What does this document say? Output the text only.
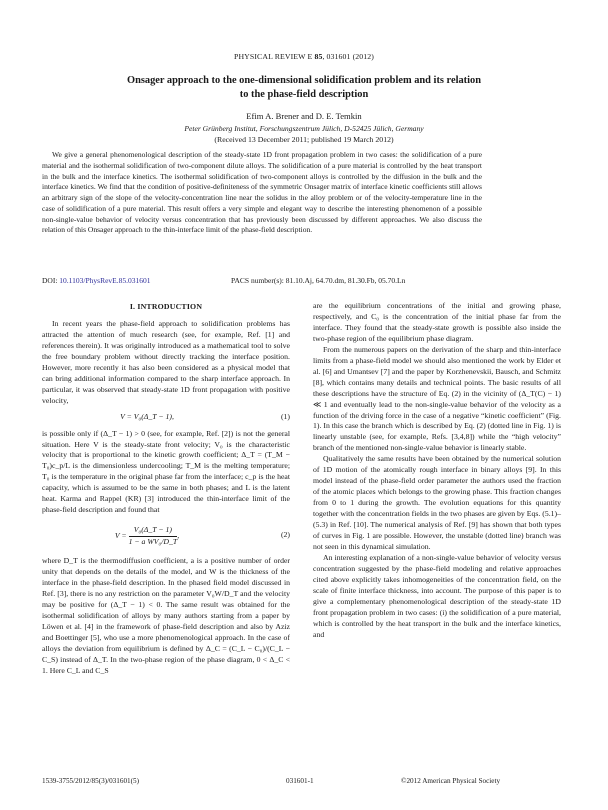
PHYSICAL REVIEW E 85, 031601 (2012)
Onsager approach to the one-dimensional solidification problem and its relation
to the phase-field description
Efim A. Brener and D. E. Temkin
Peter Grünberg Institut, Forschungszentrum Jülich, D-52425 Jülich, Germany
(Received 13 December 2011; published 19 March 2012)
We give a general phenomenological description of the steady-state 1D front propagation problem in two cases: the solidification of a pure material and the isothermal solidification of two-component dilute alloys. The solidification of a pure material is controlled by the heat transport in the bulk and the interface kinetics. The isothermal solidification of two-component alloys is controlled by the diffusion in the bulk and the interface kinetics. We find that the condition of positive-definiteness of the symmetric Onsager matrix of interface kinetic coefficients still allows an arbitrary sign of the slope of the velocity-concentration line near the solidus in the alloy problem or of the velocity-temperature line in the case of solidification of a pure material. This result offers a very simple and elegant way to describe the interesting phenomenon of a possible non-single-value behavior of velocity versus concentration that has previously been discussed by different approaches. We also discuss the relation of this Onsager approach to the thin-interface limit of the phase-field description.
DOI: 10.1103/PhysRevE.85.031601	PACS number(s): 81.10.Aj, 64.70.dm, 81.30.Fb, 05.70.Ln
I. INTRODUCTION

In recent years the phase-field approach to solidification problems has attracted the attention of much research (see, for example, Ref. [1] and references therein). It was originally introduced as a mathematical tool to solve the free boundary problem without directly tracking the interface position. However, more recently it has also been considered as a physical model that can bring additional information compared to the sharp interface approach. In particular, it was observed that steady-state 1D front propagation with positive velocity,

V = V₀(Δ_T − 1),	(1)

is possible only if (Δ_T − 1) > 0 (see, for example, Ref. [2]) is not the general situation. Here V is the steady-state front velocity; V₀ is the characteristic velocity that is proportional to the kinetic growth coefficient; Δ_T = (T_M − T₀)c_p/L is the dimensionless undercooling; T_M is the melting temperature; T₀ is the temperature in the original phase far from the interface; c_p is the heat capacity, which is assumed to be the same in both phases; and L is the latent heat. Karma and Rappel (KR) [3] introduced the thin-interface limit of the phase-field description and found that

$V = \frac{\text{V₀(Δ\_T − 1)}}{\text{1 − a WV₀/D\_T}}$ ,	(2)

where D_T is the thermodiffusion coefficient, a is a positive number of order unity that depends on the details of the model, and W is the thickness of the interface in the phase-field description. In the phased field model discussed in Ref. [3], there is no any restriction on the parameter V₀W/D_T and the velocity may be positive for (Δ_T − 1) < 0. The same result was obtained for the isothermal solidification of alloys by many authors starting from a paper by Löwen et al. [4] in the framework of phase-field description and also by Aziz and Boettinger [5], who use a more phenomenological approach. In the case of alloys the deviation from equilibrium is defined by Δ_C = (C_L − C₀)/(C_L − C_S) instead of Δ_T. In the two-phase region of the phase diagram, 0 < Δ_C < 1. Here C_L and C_S

are the equilibrium concentrations of the initial and growing phase, respectively, and C₀ is the concentration of the initial phase far from the interface. They found that the steady-state growth is possible also inside the two-phase region of the equilibrium phase diagram.

From the numerous papers on the derivation of the sharp and thin-interface limits from a phase-field model we should also mentioned the work by Elder et al. [6] and Umantsev [7] and the paper by Korzhenevskii, Bausch, and Schmitz [8], which contains many details and technical points. The basic results of all these descriptions have the structure of Eq. (2) in the vicinity of (Δ_T(C) − 1) ≪ 1 and eventually lead to the non-single-value behavior of the velocity as a function of the driving force in the case of a negative “kinetic coefficient” (Fig. 1). In this case the branch which is described by Eq. (2) (dotted line in Fig. 1) is linearly unstable (see, for example, Refs. [3,4,8]) while the “high velocity” branch of the mentioned non-single-value behavior is linearly stable.

Qualitatively the same results have been obtained by the numerical solution of 1D motion of the atomically rough interface in binary alloys [9]. In this model instead of the phase-field order parameter the authors used the fraction of the atomic places which belongs to the growing phase. This fraction changes from 0 to 1 during the growth. The evolution equations for this quantity together with the concentration fields in the two phases are given by Eqs. (5.1)–(5.3) in Ref. [10]. The numerical analysis of Ref. [9] has shown that both types of curves in Fig. 1 are possible. However, the unstable (dotted line) branch was not seen in this dynamical simulation.

An interesting explanation of a non-single-value behavior of velocity versus concentration suggested by the phase-field modeling and relative approaches cited above explicitly takes inhomogeneities of the concentration field, on the scale of finite interface thickness, into account. The purpose of this paper is to give a complementary phenomenological description of the steady-state 1D front propagation problem in two cases: (i) the solidification of a pure material, which is controlled by the heat transport in the bulk and the interface kinetics, and

1539-3755/2012/85(3)/031601(5)	031601-1	©2012 American Physical Society
